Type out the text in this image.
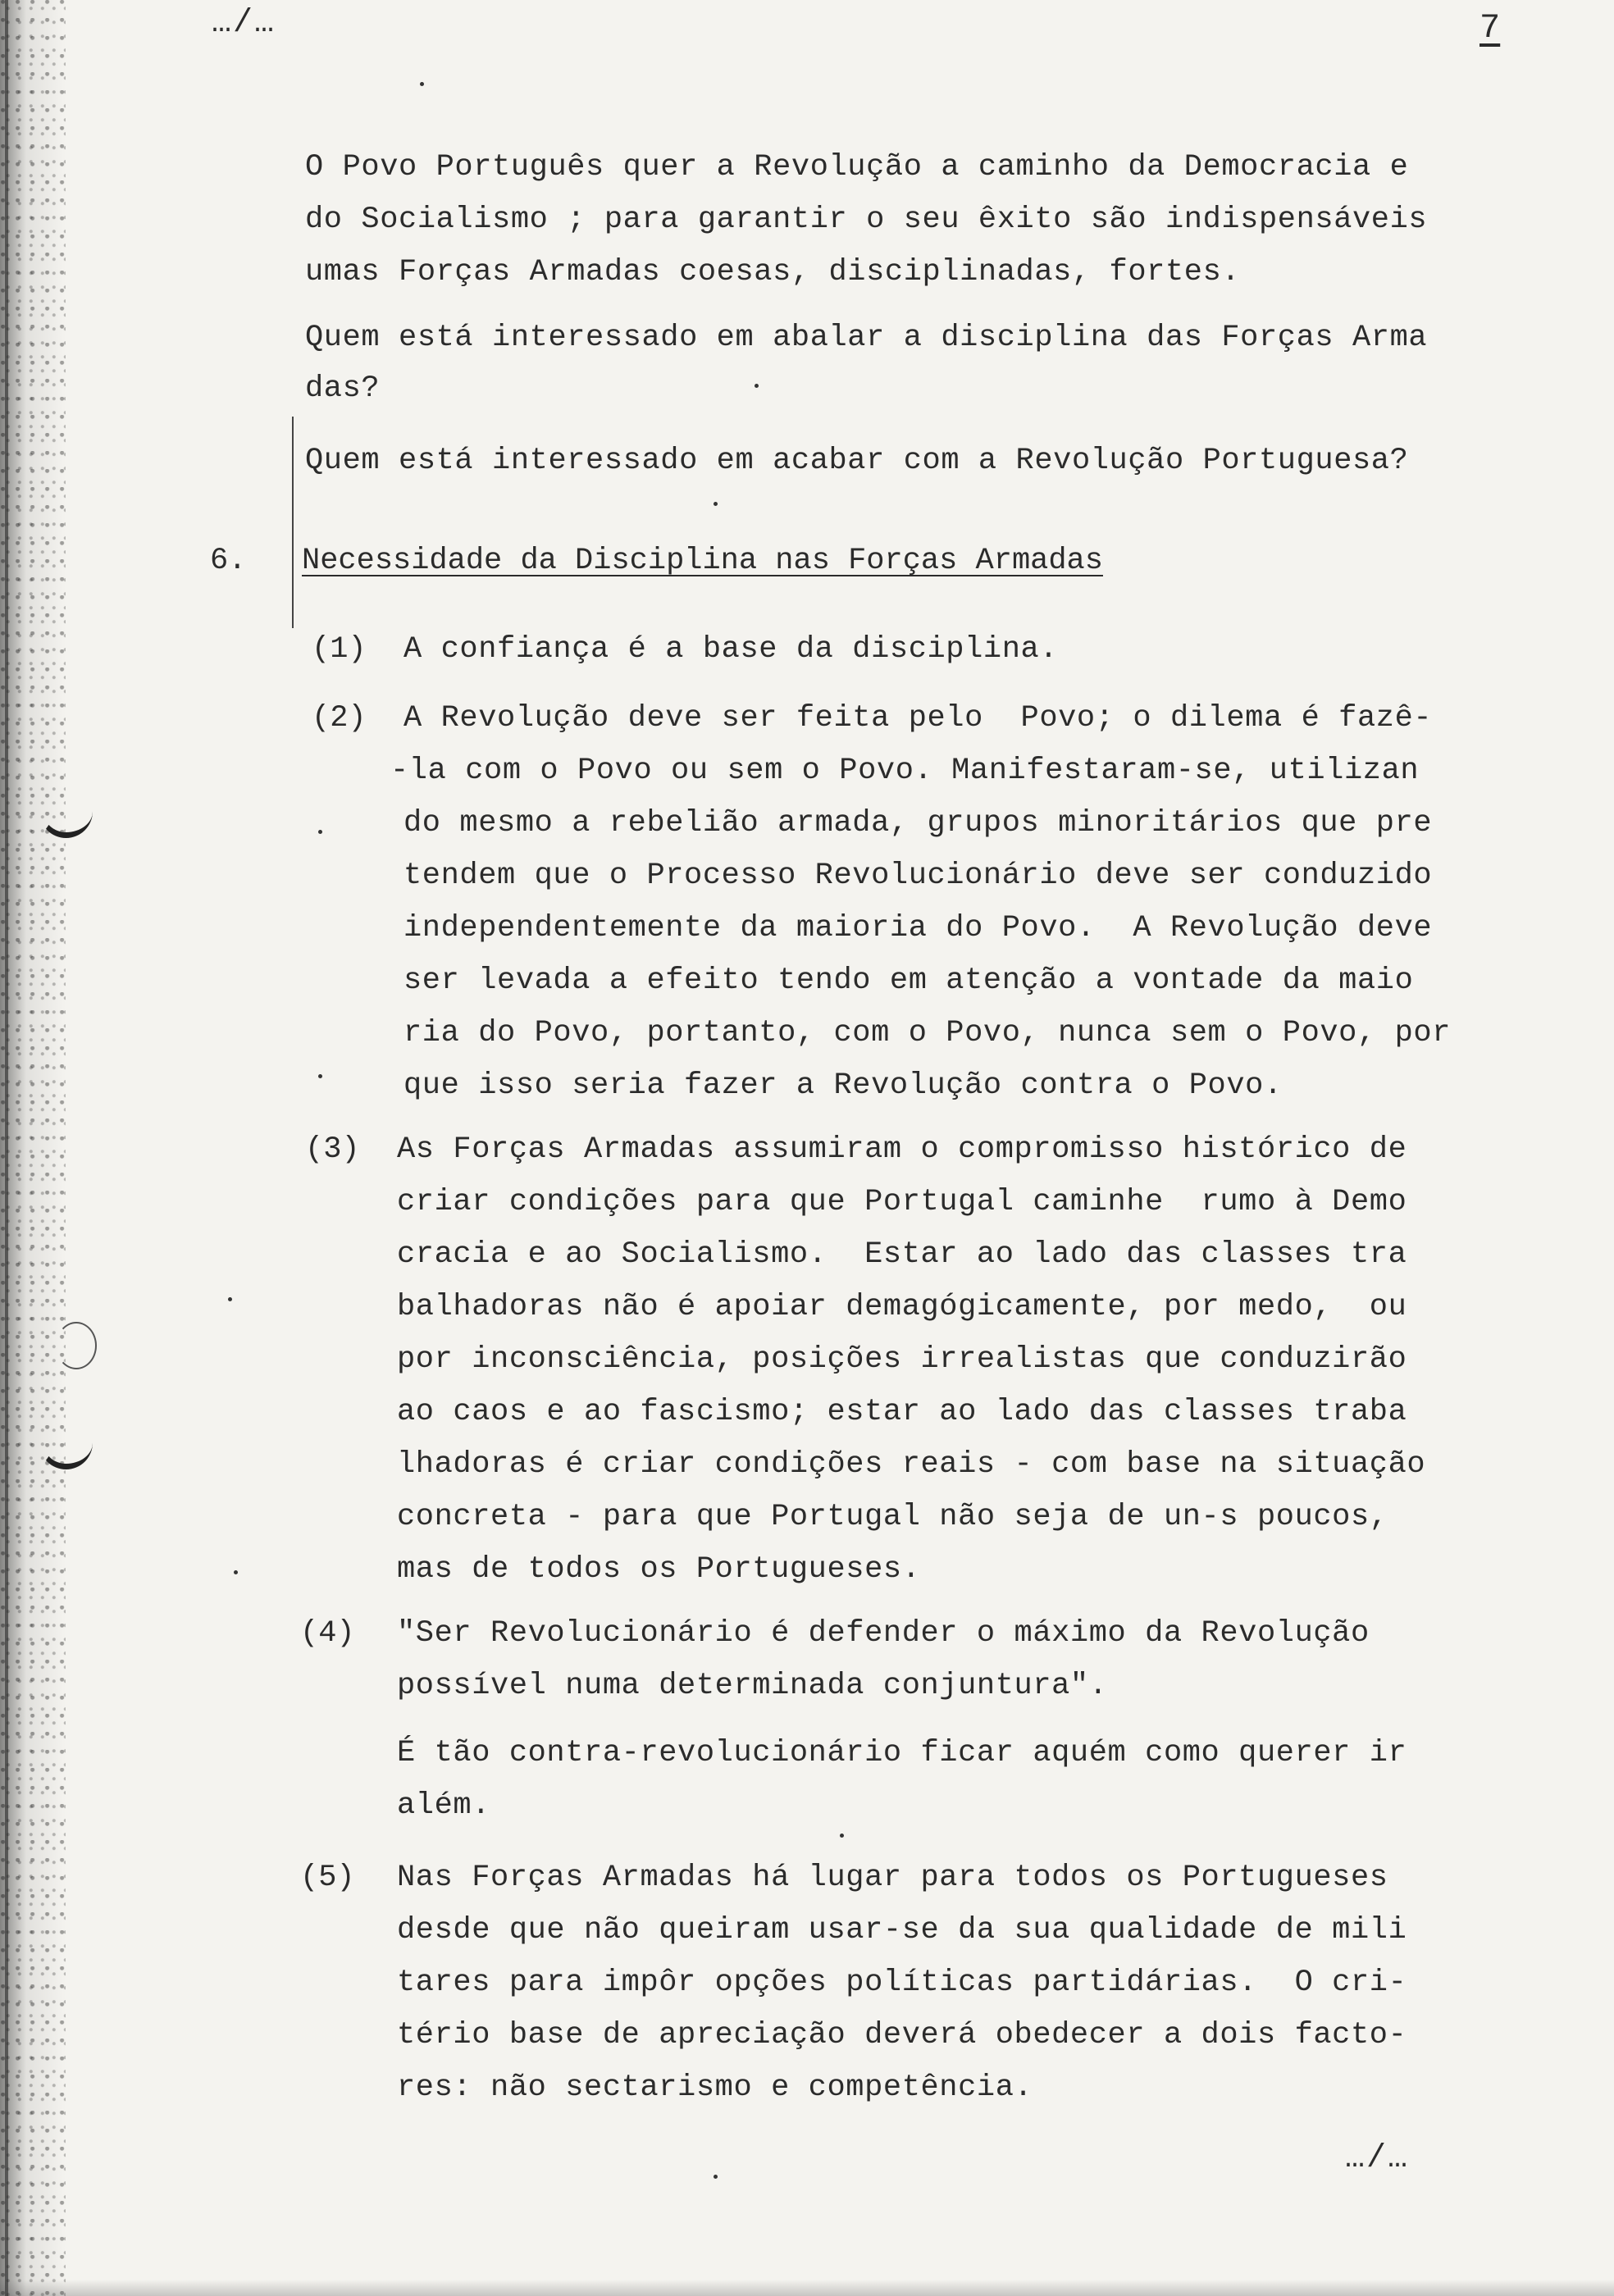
…/…	7
O Povo Português quer a Revolução a caminho da Democracia e
do Socialismo ; para garantir o seu êxito são indispensáveis
umas Forças Armadas coesas, disciplinadas, fortes.
Quem está interessado em abalar a disciplina das Forças Arma
das?
Quem está interessado em acabar com a Revolução Portuguesa?
6. Necessidade da Disciplina nas Forças Armadas
(1) A confiança é a base da disciplina.
(2) A Revolução deve ser feita pelo  Povo; o dilema é fazê-
-la com o Povo ou sem o Povo. Manifestaram-se, utilizan
do mesmo a rebelião armada, grupos minoritários que pre
tendem que o Processo Revolucionário deve ser conduzido
independentemente da maioria do Povo.  A Revolução deve
ser levada a efeito tendo em atenção a vontade da maio
ria do Povo, portanto, com o Povo, nunca sem o Povo, por
que isso seria fazer a Revolução contra o Povo.
(3) As Forças Armadas assumiram o compromisso histórico de
criar condições para que Portugal caminhe  rumo à Demo
cracia e ao Socialismo.  Estar ao lado das classes tra
balhadoras não é apoiar demagógicamente, por medo,  ou
por inconsciência, posições irrealistas que conduzirão
ao caos e ao fascismo; estar ao lado das classes traba
lhadoras é criar condições reais - com base na situação
concreta - para que Portugal não seja de un-s poucos,
mas de todos os Portugueses.
(4) "Ser Revolucionário é defender o máximo da Revolução
possível numa determinada conjuntura".
É tão contra-revolucionário ficar aquém como querer ir
além.
(5) Nas Forças Armadas há lugar para todos os Portugueses
desde que não queiram usar-se da sua qualidade de mili
tares para impôr opções políticas partidárias.  O cri-
tério base de apreciação deverá obedecer a dois facto-
res: não sectarismo e competência.
…/…
